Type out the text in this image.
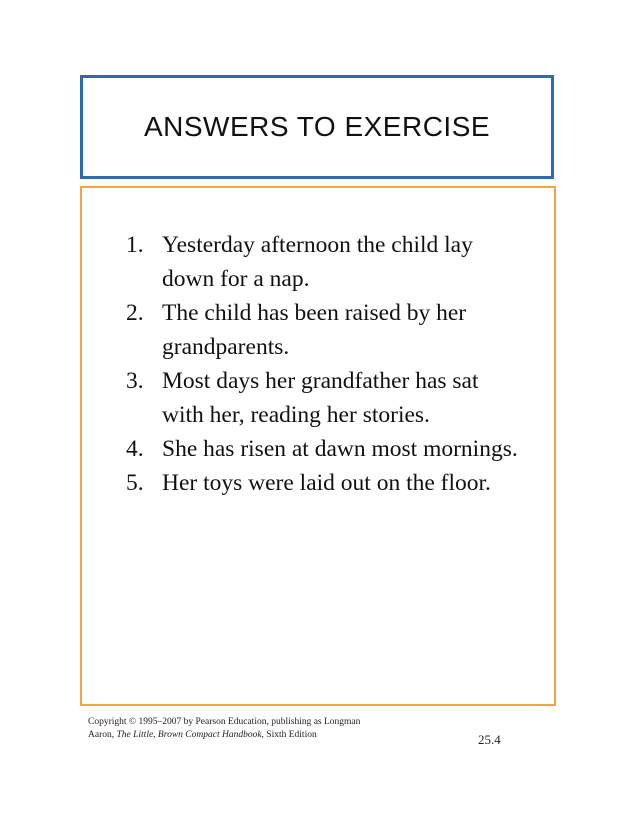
ANSWERS TO EXERCISE
1. Yesterday afternoon the child lay
down for a nap.
2. The child has been raised by her
grandparents.
3. Most days her grandfather has sat
with her, reading her stories.
4. She has risen at dawn most mornings.
5. Her toys were laid out on the floor.
Copyright © 1995–2007 by Pearson Education, publishing as Longman
Aaron, The Little, Brown Compact Handbook, Sixth Edition	25.4
